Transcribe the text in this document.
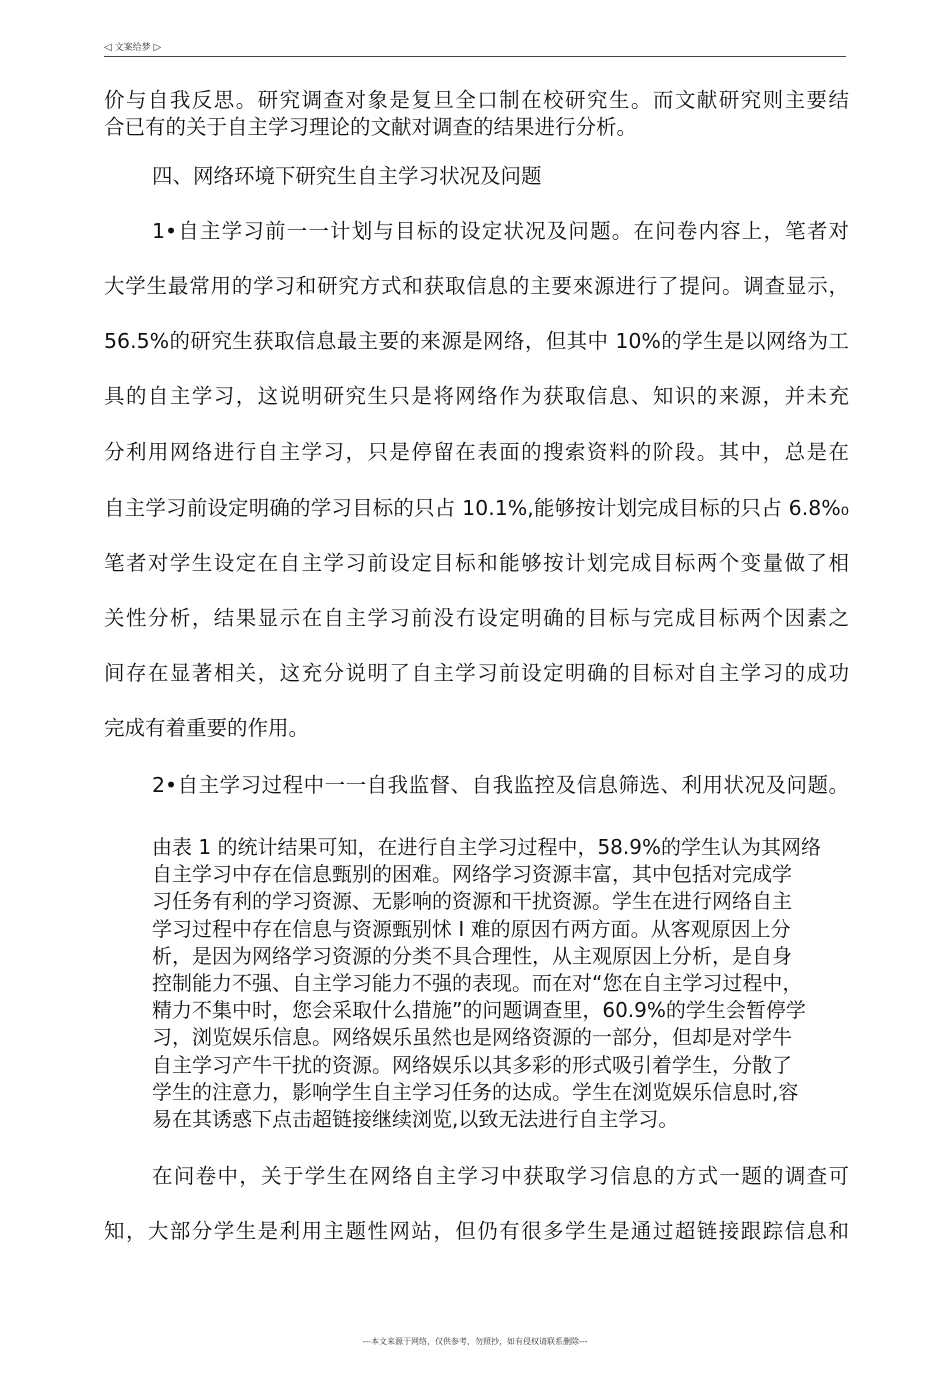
◁ 文案给梦 ▷

价与自我反思。研究调查对象是复旦全口制在校研究生。而文献研究则主要结

合已有的关于自主学习理论的文献对调查的结果进行分析。

四、网络环境下研究生自主学习状况及问题

1•自主学习前一一计划与目标的设定状况及问题。在问卷内容上，笔者对

大学生最常用的学习和研究方式和获取信息的主要來源进行了提问。调查显示，

56.5%的研究生获取信息最主要的来源是网络，但其中 10%的学生是以网络为工

具的自主学习，这说明研究生只是将网络作为获取信息、知识的来源，并未充

分利用网络进行自主学习，只是停留在表面的搜索资料的阶段。其中，总是在

自主学习前设定明确的学习目标的只占 10.1%,能够按计划完成目标的只占 6.8%₀

笔者对学生设定在自主学习前设定目标和能够按计划完成目标两个变量做了相

关性分析，结果显示在自主学习前没冇设定明确的目标与完成目标两个因素之

间存在显著相关，这充分说明了自主学习前设定明确的目标对自主学习的成功

完成有着重要的作用。

2•自主学习过程中一一自我监督、自我监控及信息筛选、利用状况及问题。

由表 1 的统计结果可知，在进行自主学习过程中，58.9%的学生认为其网络
自主学习中存在信息甄别的困难。网络学习资源丰富，其中包括对完成学
习任务有利的学习资源、无影响的资源和干扰资源。学生在进行网络自主
学习过程中存在信息与资源甄别怵 I 难的原因冇两方面。从客观原因上分
析，是因为网络学习资源的分类不具合理性，从主观原因上分析，是自身
控制能力不强、自主学习能力不强的表现。而在对“您在自主学习过程中，
精力不集中时，您会采取什么措施”的问题调查里，60.9%的学生会暂停学
习，浏览娱乐信息。网络娱乐虽然也是网络资源的一部分，但却是对学牛
自主学习产牛干扰的资源。网络娱乐以其多彩的形式吸引着学生，分散了
学生的注意力，影响学生自主学习任务的达成。学生在浏览娱乐信息时,容
易在其诱惑下点击超链接继续浏览,以致无法进行自主学习。

在问卷中，关于学生在网络自主学习中获取学习信息的方式一题的调查可

知，大部分学生是利用主题性网站，但仍有很多学生是通过超链接跟踪信息和

---本文来源于网络，仅供参考，勿照抄，如有侵权请联系删除---
